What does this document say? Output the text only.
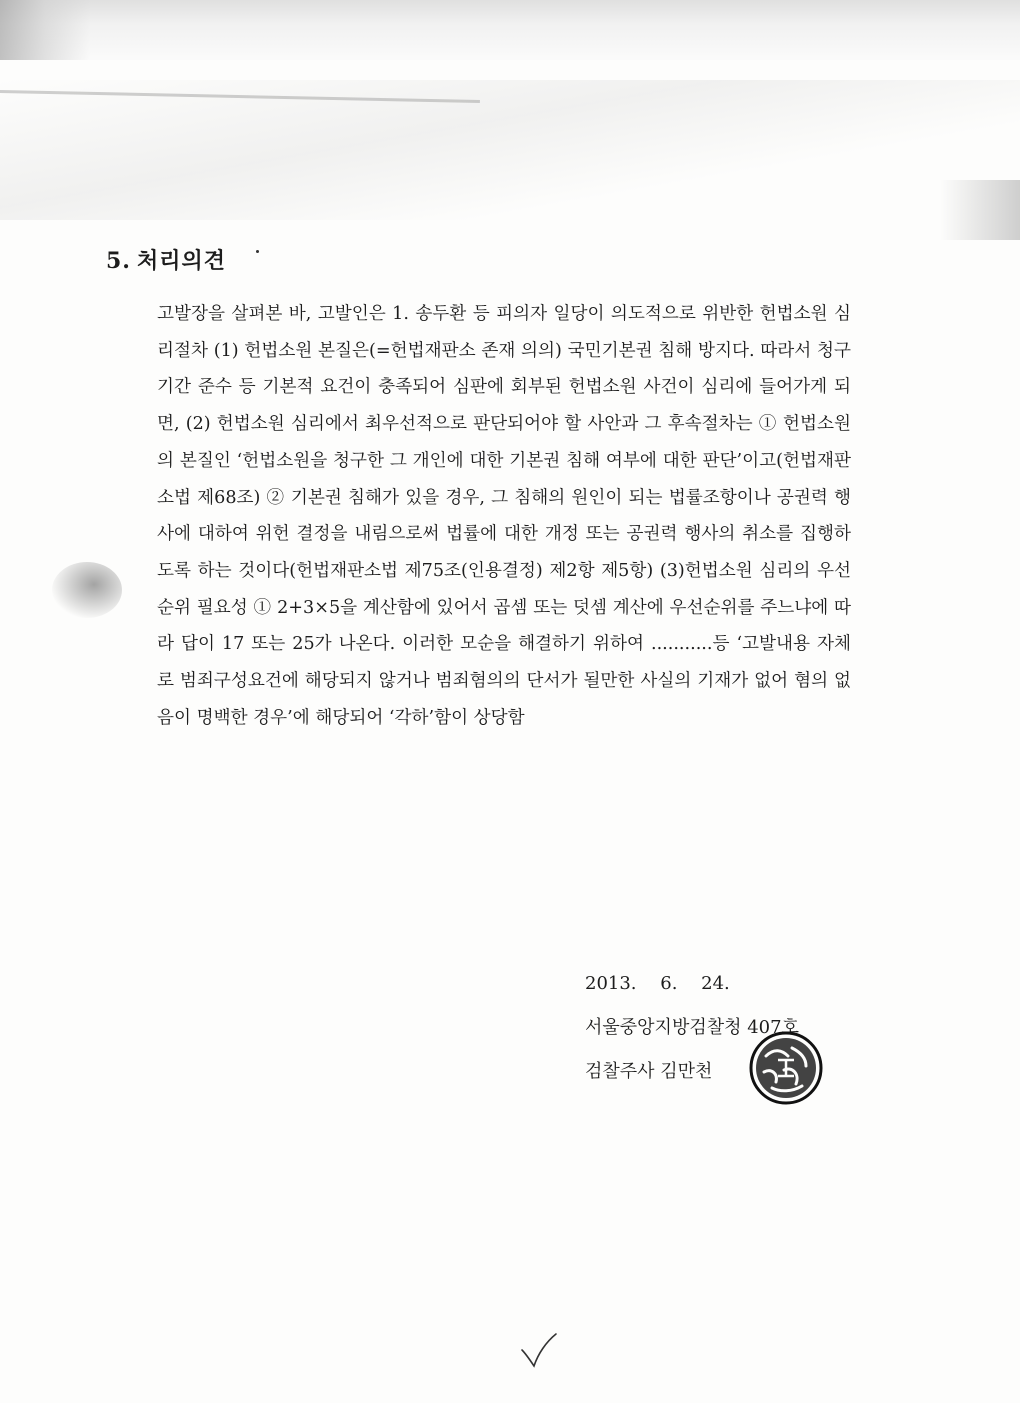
5. 처리의견

고발장을 살펴본 바, 고발인은 1. 송두환 등 피의자 일당이 의도적으로 위반한 헌법소원 심리절차 (1) 헌법소원 본질은(=헌법재판소 존재 의의) 국민기본권 침해 방지다. 따라서 청구기간 준수 등 기본적 요건이 충족되어 심판에 회부된 헌법소원 사건이 심리에 들어가게 되면, (2) 헌법소원 심리에서 최우선적으로 판단되어야 할 사안과 그 후속절차는 ① 헌법소원의 본질인 ‘헌법소원을 청구한 그 개인에 대한 기본권 침해 여부에 대한 판단’이고(헌법재판소법 제68조) ② 기본권 침해가 있을 경우, 그 침해의 원인이 되는 법률조항이나 공권력 행사에 대하여 위헌 결정을 내림으로써 법률에 대한 개정 또는 공권력 행사의 취소를 집행하도록 하는 것이다(헌법재판소법 제75조(인용결정) 제2항 제5항) (3)헌법소원 심리의 우선순위 필요성 ① 2+3×5을 계산함에 있어서 곱셈 또는 덧셈 계산에 우선순위를 주느냐에 따라 답이 17 또는 25가 나온다. 이러한 모순을 해결하기 위하여 ...........등 ‘고발내용 자체로 범죄구성요건에 해당되지 않거나 범죄혐의의 단서가 될만한 사실의 기재가 없어 혐의 없음이 명백한 경우’에 해당되어 ‘각하’함이 상당함

2013. 6. 24.
서울중앙지방검찰청 407호
검찰주사 김만천
